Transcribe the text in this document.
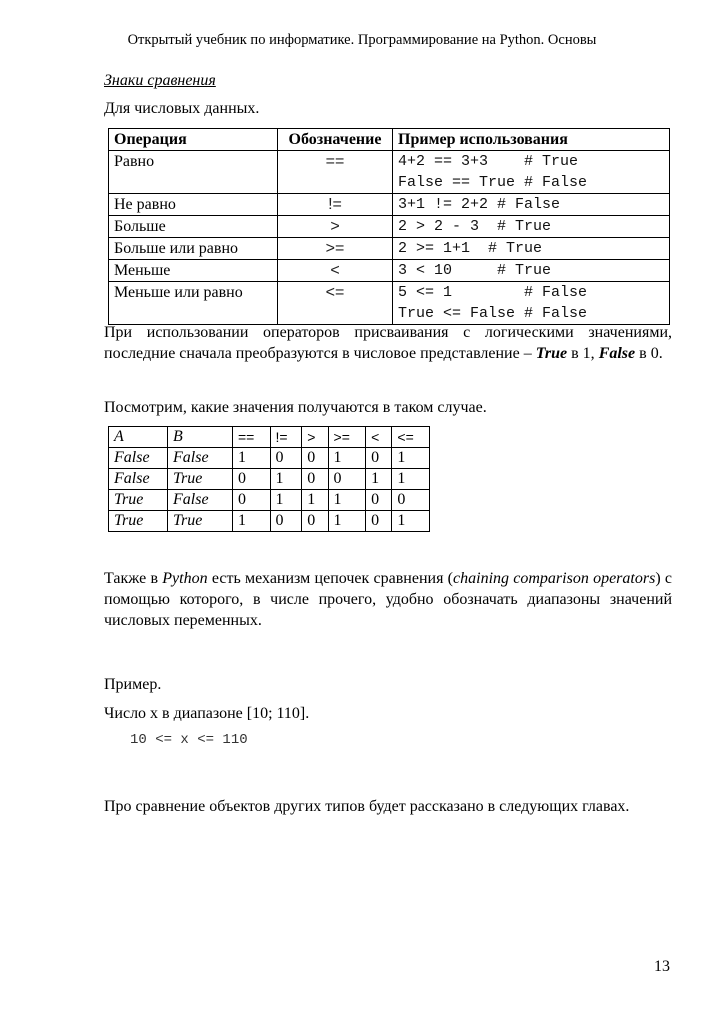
Открытый учебник по информатике. Программирование на Python. Основы
Знаки сравнения
Для числовых данных.
Операция	Обозначение	Пример использования
Равно	==	4+2 == 3+3    # True
False == True # False
Не равно	!=	3+1 != 2+2 # False
Больше	>	2 > 2 - 3  # True
Больше или равно	>=	2 >= 1+1  # True
Меньше	<	3 < 10     # True
Меньше или равно	<=	5 <= 1        # False
True <= False # False
При использовании операторов присваивания с логическими значениями, последние сначала преобразуются в числовое представление – True в 1, False в 0.
Посмотрим, какие значения получаются в таком случае.
A	B	==	!=	>	>=	<	<=
False	False	1	0	0	1	0	1
False	True	0	1	0	0	1	1
True	False	0	1	1	1	0	0
True	True	1	0	0	1	0	1
Также в Python есть механизм цепочек сравнения (chaining comparison operators) с помощью которого, в числе прочего, удобно обозначать диапазоны значений числовых переменных.
Пример.
Число x в диапазоне [10; 110].
10 <= x <= 110
Про сравнение объектов других типов будет рассказано в следующих главах.
13
